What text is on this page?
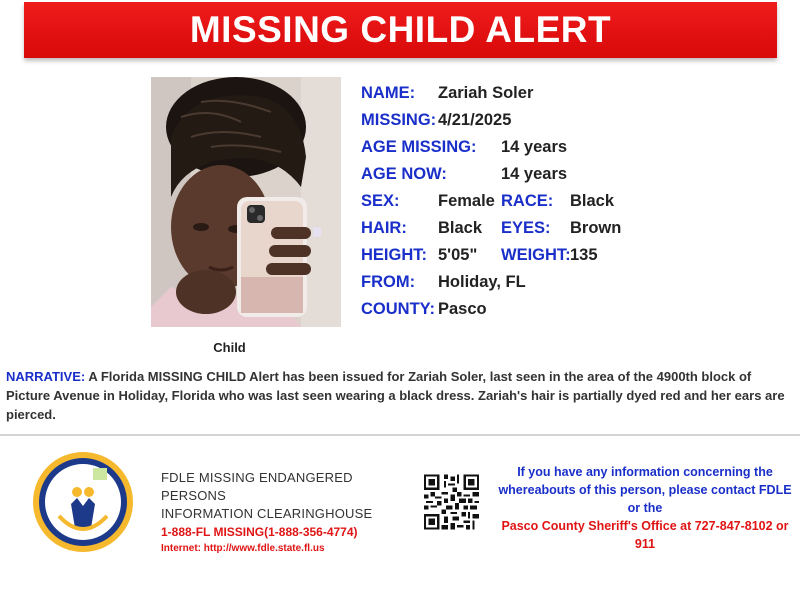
MISSING CHILD ALERT
Child
NAME: Zariah Soler
MISSING: 4/21/2025
AGE MISSING: 14 years
AGE NOW:	14 years
SEX: Female RACE: Black
HAIR: Black EYES: Brown
HEIGHT: 5'05" WEIGHT: 135
FROM: Holiday, FL
COUNTY: Pasco
NARRATIVE: A Florida MISSING CHILD Alert has been issued for Zariah Soler, last seen in the area of the 4900th block of Picture Avenue in Holiday, Florida who was last seen wearing a black dress. Zariah's hair is partially dyed red and her ears are pierced.
FDLE MISSING ENDANGERED PERSONS
INFORMATION CLEARINGHOUSE
1-888-FL MISSING(1-888-356-4774)
Internet: http://www.fdle.state.fl.us
If you have any information concerning the
whereabouts of this person, please contact FDLE
or the
Pasco County Sheriff's Office at 727-847-8102 or
911
